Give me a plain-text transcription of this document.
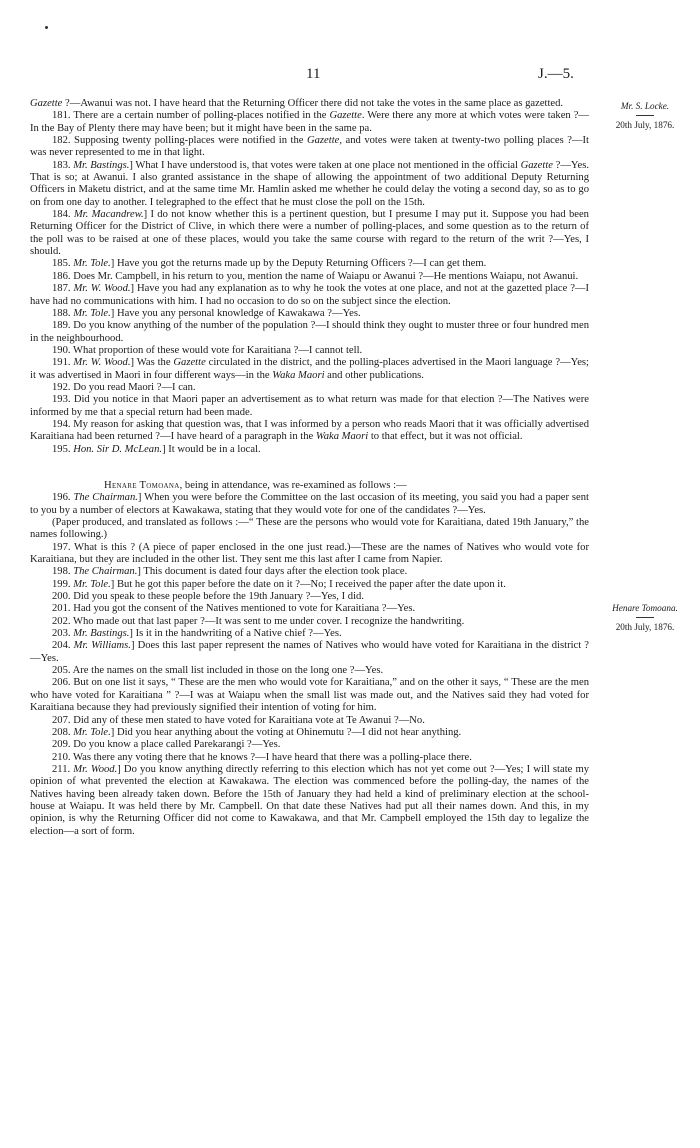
11	J.—5.
Mr. S. Locke.
20th July, 1876.
Henare Tomoana.
20th July, 1876.

Gazette ?—Awanui was not. I have heard that the Returning Officer there did not take the votes in the same place as gazetted.

181. There are a certain number of polling-places notified in the Gazette. Were there any more at which votes were taken ?—In the Bay of Plenty there may have been; but it might have been in the same pa.

182. Supposing twenty polling-places were notified in the Gazette, and votes were taken at twenty-two polling places ?—It was never represented to me in that light.

183. Mr. Bastings.] What I have understood is, that votes were taken at one place not mentioned in the official Gazette ?—Yes. That is so; at Awanui. I also granted assistance in the shape of allowing the appointment of two additional Deputy Returning Officers in Maketu district, and at the same time Mr. Hamlin asked me whether he could delay the voting a second day, so as to go on from one day to another. I telegraphed to the effect that he must close the poll on the 15th.

184. Mr. Macandrew.] I do not know whether this is a pertinent question, but I presume I may put it. Suppose you had been Returning Officer for the District of Clive, in which there were a number of polling-places, and some question as to the return of the poll was to be raised at one of these places, would you take the same course with regard to the return of the writ ?—Yes, I should.

185. Mr. Tole.] Have you got the returns made up by the Deputy Returning Officers ?—I can get them.

186. Does Mr. Campbell, in his return to you, mention the name of Waiapu or Awanui ?—He mentions Waiapu, not Awanui.

187. Mr. W. Wood.] Have you had any explanation as to why he took the votes at one place, and not at the gazetted place ?—I have had no communications with him. I had no occasion to do so on the subject since the election.

188. Mr. Tole.] Have you any personal knowledge of Kawakawa ?—Yes.

189. Do you know anything of the number of the population ?—I should think they ought to muster three or four hundred men in the neighbourhood.

190. What proportion of these would vote for Karaitiana ?—I cannot tell.

191. Mr. W. Wood.] Was the Gazette circulated in the district, and the polling-places advertised in the Maori language ?—Yes; it was advertised in Maori in four different ways—in the Waka Maori and other publications.

192. Do you read Maori ?—I can.

193. Did you notice in that Maori paper an advertisement as to what return was made for that election ?—The Natives were informed by me that a special return had been made.

194. My reason for asking that question was, that I was informed by a person who reads Maori that it was officially advertised Karaitiana had been returned ?—I have heard of a paragraph in the Waka Maori to that effect, but it was not official.

195. Hon. Sir D. McLean.] It would be in a local.

Henare Tomoana, being in attendance, was re-examined as follows :—

196. The Chairman.] When you were before the Committee on the last occasion of its meeting, you said you had a paper sent to you by a number of electors at Kawakawa, stating that they would vote for one of the candidates ?—Yes.

(Paper produced, and translated as follows :—“ These are the persons who would vote for Karaitiana, dated 19th January,” the names following.)

197. What is this ? (A piece of paper enclosed in the one just read.)—These are the names of Natives who would vote for Karaitiana, but they are included in the other list. They sent me this last after I came from Napier.

198. The Chairman.] This document is dated four days after the election took place.

199. Mr. Tole.] But he got this paper before the date on it ?—No; I received the paper after the date upon it.

200. Did you speak to these people before the 19th January ?—Yes, I did.

201. Had you got the consent of the Natives mentioned to vote for Karaitiana ?—Yes.

202. Who made out that last paper ?—It was sent to me under cover. I recognize the handwriting.

203. Mr. Bastings.] Is it in the handwriting of a Native chief ?—Yes.

204. Mr. Williams.] Does this last paper represent the names of Natives who would have voted for Karaitiana in the district ?—Yes.

205. Are the names on the small list included in those on the long one ?—Yes.

206. But on one list it says, “ These are the men who would vote for Karaitiana,” and on the other it says, “ These are the men who have voted for Karaitiana ” ?—I was at Waiapu when the small list was made out, and the Natives said they had voted for Karaitiana because they had previously signified their intention of voting for him.

207. Did any of these men stated to have voted for Karaitiana vote at Te Awanui ?—No.

208. Mr. Tole.] Did you hear anything about the voting at Ohinemutu ?—I did not hear anything.

209. Do you know a place called Parekarangi ?—Yes.

210. Was there any voting there that he knows ?—I have heard that there was a polling-place there.

211. Mr. Wood.] Do you know anything directly referring to this election which has not yet come out ?—Yes; I will state my opinion of what prevented the election at Kawakawa. The election was commenced before the polling-day, the names of the Natives having been already taken down. Before the 15th of January they had held a kind of preliminary election at the school-house at Waiapu. It was held there by Mr. Campbell. On that date these Natives had put all their names down. And this, in my opinion, is why the Returning Officer did not come to Kawakawa, and that Mr. Campbell employed the 15th day to legalize the election—a sort of form.
